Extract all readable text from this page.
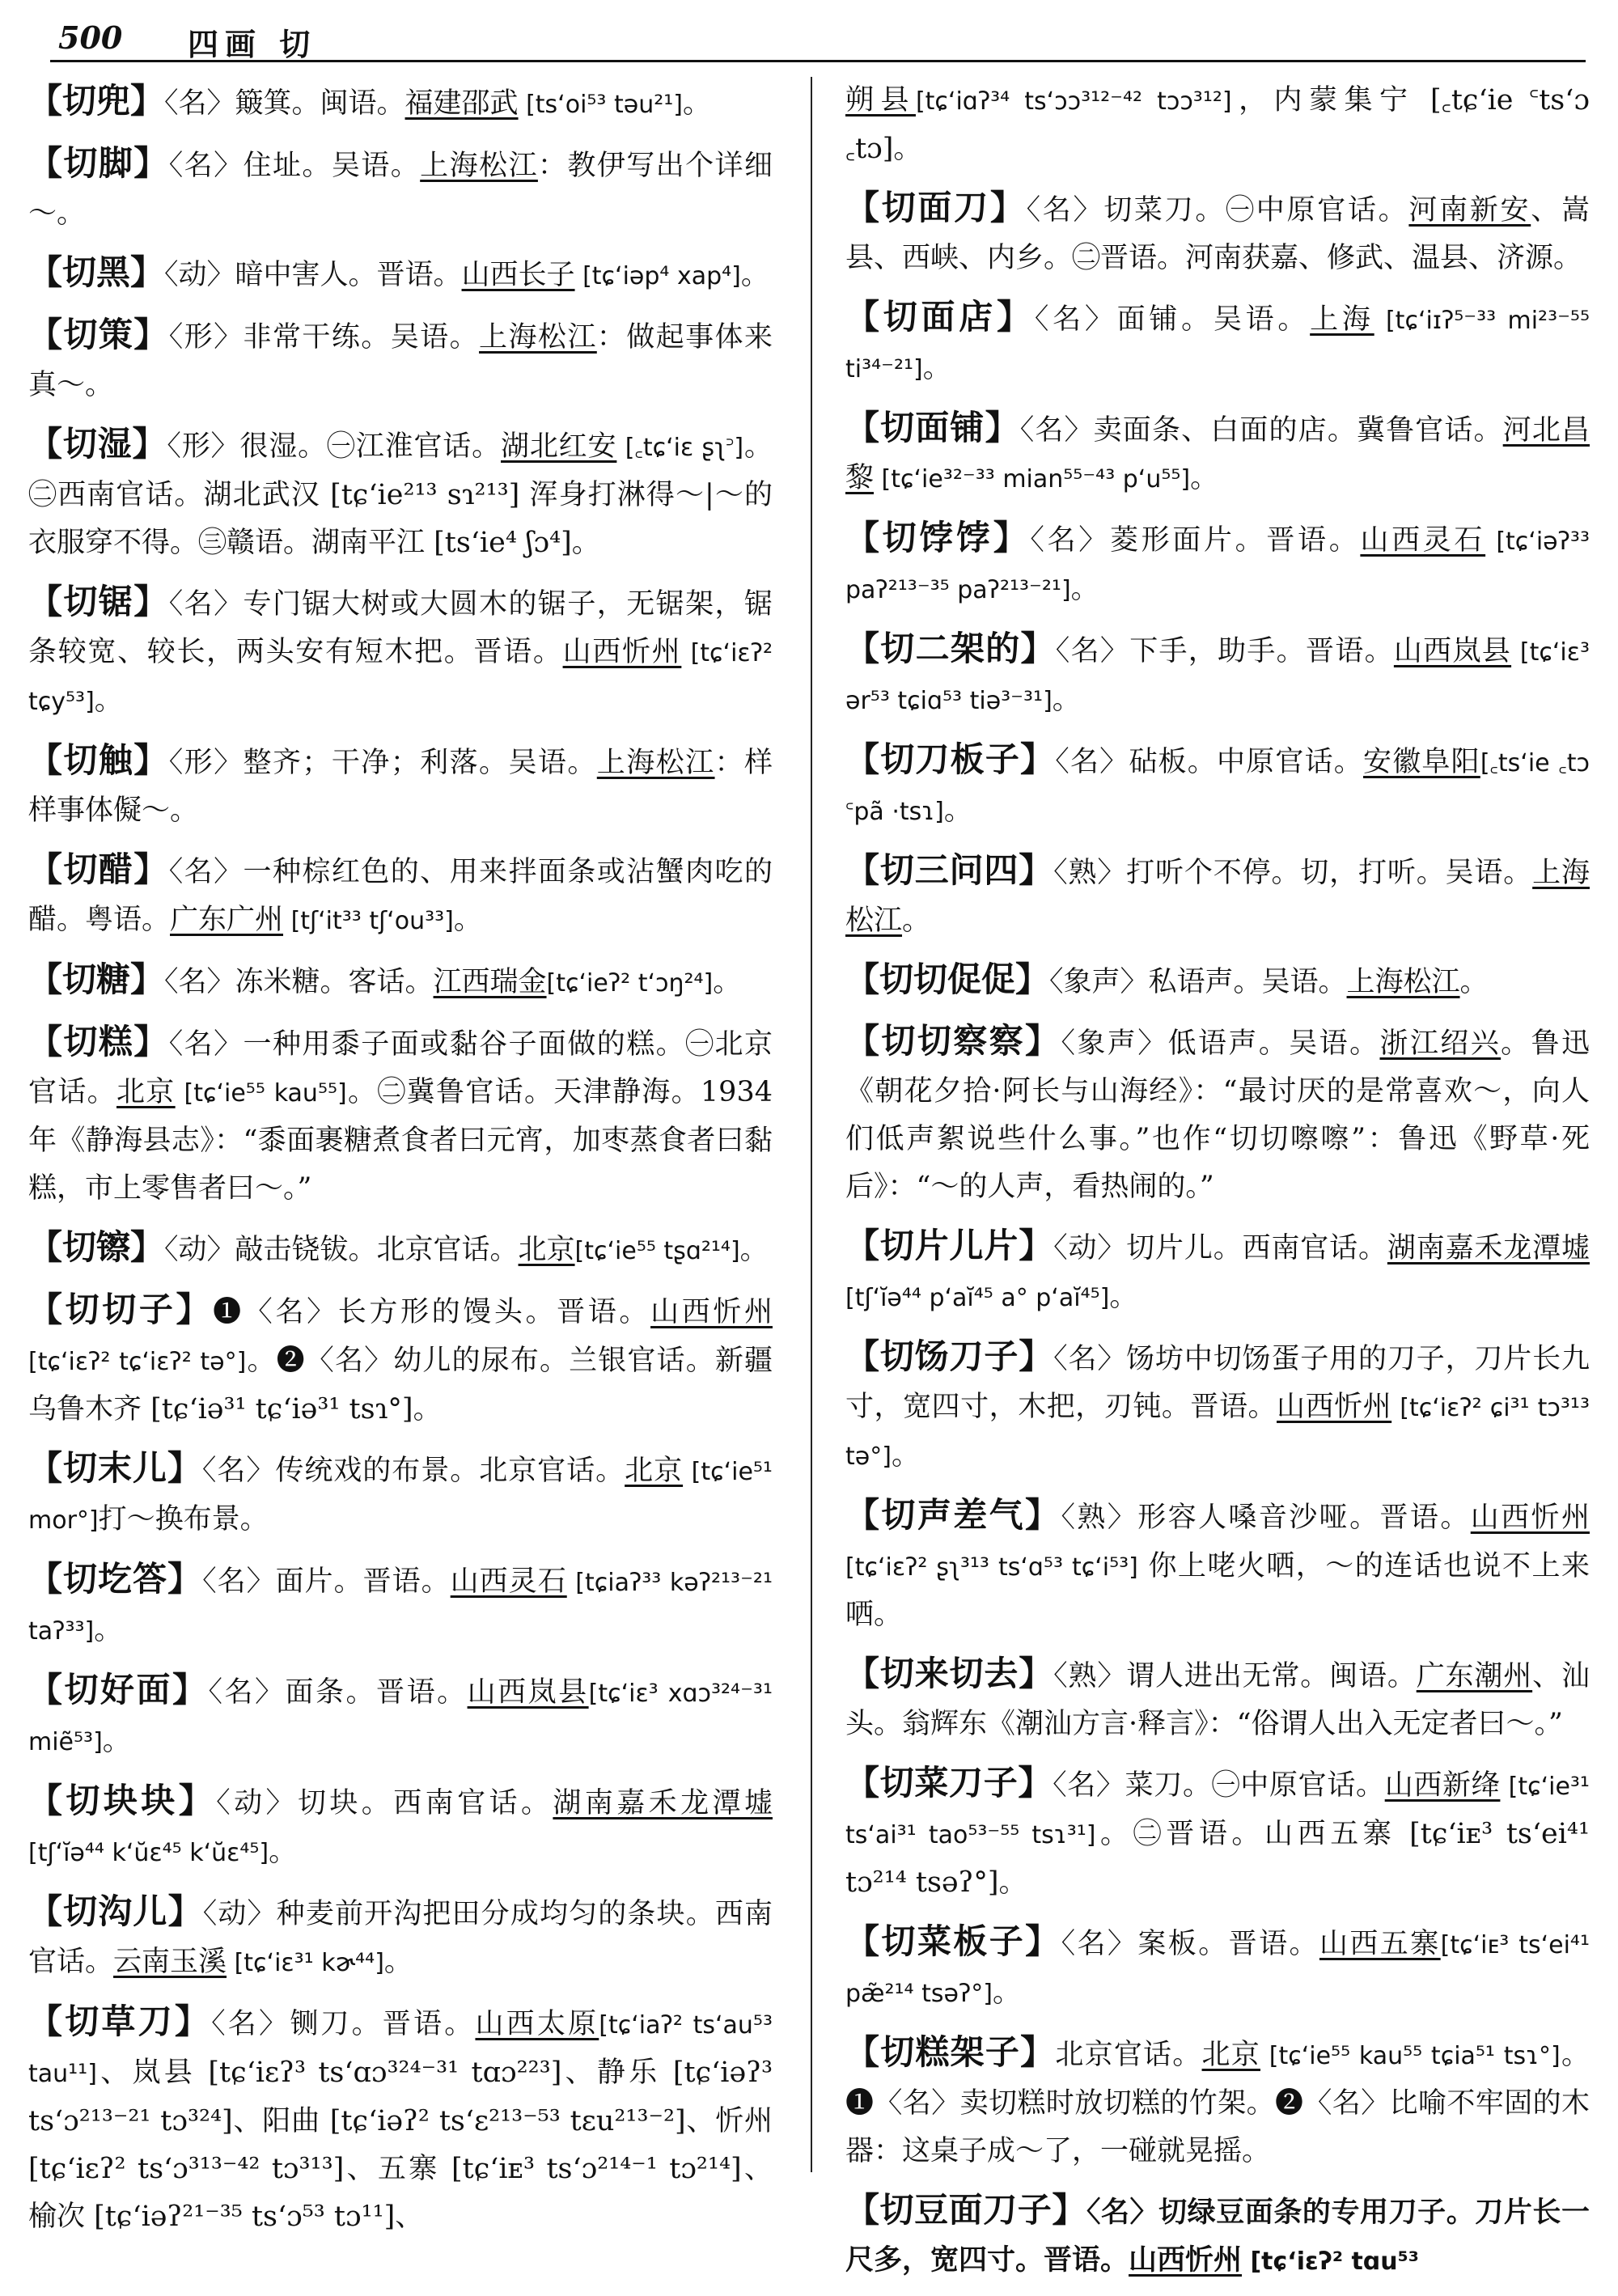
500 四画 切
【切兜】〈名〉簸箕。闽语。福建邵武 [tsʻoi⁵³ təu²¹]。
【切脚】〈名〉住址。吴语。上海松江：教伊写出个详细～。
【切黑】〈动〉暗中害人。晋语。山西长子 [tɕʻiəp⁴ xap⁴]。
【切策】〈形〉非常干练。吴语。上海松江：做起事体来真～。
【切湿】〈形〉很湿。㊀江淮官话。湖北红安 [꜀tɕʻiɛ ʂʅ꜄]。㊁西南官话。湖北武汉 [tɕʻie²¹³ sɿ²¹³] 浑身打淋得～|～的衣服穿不得。㊂赣语。湖南平江 [tsʻie⁴ ʃɔ⁴]。
【切锯】〈名〉专门锯大树或大圆木的锯子，无锯架，锯条较宽、较长，两头安有短木把。晋语。山西忻州 [tɕʻiɛʔ² tɕy⁵³]。
【切触】〈形〉整齐；干净；利落。吴语。上海松江：样样事体儗～。
【切醋】〈名〉一种棕红色的、用来拌面条或沾蟹肉吃的醋。粤语。广东广州 [tʃʻit³³ tʃʻou³³]。
【切糖】〈名〉冻米糖。客话。江西瑞金[tɕʻieʔ² tʻɔŋ²⁴]。
【切糕】〈名〉一种用黍子面或黏谷子面做的糕。㊀北京官话。北京 [tɕʻie⁵⁵ kau⁵⁵]。㊁冀鲁官话。天津静海。1934年《静海县志》：“黍面裹糖煮食者曰元宵，加枣蒸食者曰黏糕，市上零售者曰～。”
【切镲】〈动〉敲击铙钹。北京官话。北京[tɕʻie⁵⁵ tʂɑ²¹⁴]。
【切切子】❶〈名〉长方形的馒头。晋语。山西忻州 [tɕʻiɛʔ² tɕʻiɛʔ² tə°]。❷〈名〉幼儿的尿布。兰银官话。新疆乌鲁木齐 [tɕʻiə³¹ tɕʻiə³¹ tsɿ°]。
【切末儿】〈名〉传统戏的布景。北京官话。北京 [tɕʻie⁵¹ mor°]打～换布景。
【切圪答】〈名〉面片。晋语。山西灵石 [tɕiaʔ³³ kəʔ²¹³⁻²¹ taʔ³³]。
【切好面】〈名〉面条。晋语。山西岚县[tɕʻiɛ³ xɑɔ³²⁴⁻³¹ miẽ⁵³]。
【切块块】〈动〉切块。西南官话。湖南嘉禾龙潭墟 [tʃʻĭə⁴⁴ kʻŭɛ⁴⁵ kʻŭɛ⁴⁵]。
【切沟儿】〈动〉种麦前开沟把田分成均匀的条块。西南官话。云南玉溪 [tɕʻiɛ³¹ kɚ⁴⁴]。
【切草刀】〈名〉铡刀。晋语。山西太原[tɕʻiaʔ² tsʻau⁵³ tau¹¹]、岚县 [tɕʻiɛʔ³ tsʻɑɔ³²⁴⁻³¹ tɑɔ²²³]、静乐 [tɕʻiəʔ³ tsʻɔ²¹³⁻²¹ tɔ³²⁴]、阳曲 [tɕʻiəʔ² tsʻɛ²¹³⁻⁵³ tɛu²¹³⁻²]、忻州 [tɕʻiɛʔ² tsʻɔ³¹³⁻⁴² tɔ³¹³]、五寨 [tɕʻiᴇ³ tsʻɔ²¹⁴⁻¹ tɔ²¹⁴]、榆次 [tɕʻiəʔ²¹⁻³⁵ tsʻɔ⁵³ tɔ¹¹]、
朔县[tɕʻiɑʔ³⁴ tsʻɔɔ³¹²⁻⁴² tɔɔ³¹²]，内蒙集宁 [꜀tɕʻie ꜂tsʻɔ ꜀tɔ]。
【切面刀】〈名〉切菜刀。㊀中原官话。河南新安、嵩县、西峡、内乡。㊁晋语。河南获嘉、修武、温县、济源。
【切面店】〈名〉面铺。吴语。上海 [tɕʻiɪʔ⁵⁻³³ mi²³⁻⁵⁵ ti³⁴⁻²¹]。
【切面铺】〈名〉卖面条、白面的店。冀鲁官话。河北昌黎 [tɕʻie³²⁻³³ mian⁵⁵⁻⁴³ pʻu⁵⁵]。
【切饽饽】〈名〉菱形面片。晋语。山西灵石 [tɕʻiəʔ³³ paʔ²¹³⁻³⁵ paʔ²¹³⁻²¹]。
【切二架的】〈名〉下手，助手。晋语。山西岚县 [tɕʻiɛ³ ər⁵³ tɕiɑ⁵³ tiə³⁻³¹]。
【切刀板子】〈名〉砧板。中原官话。安徽阜阳[꜀tsʻie ꜀tɔ ꜂pã ·tsɿ]。
【切三问四】〈熟〉打听个不停。切，打听。吴语。上海松江。
【切切促促】〈象声〉私语声。吴语。上海松江。
【切切察察】〈象声〉低语声。吴语。浙江绍兴。鲁迅《朝花夕拾·阿长与山海经》：“最讨厌的是常喜欢～，向人们低声絮说些什么事。”也作“切切嚓嚓”：鲁迅《野草·死后》：“～的人声，看热闹的。”
【切片儿片】〈动〉切片儿。西南官话。湖南嘉禾龙潭墟 [tʃʻĭə⁴⁴ pʻaĭ⁴⁵ a° pʻaĭ⁴⁵]。
【切饧刀子】〈名〉饧坊中切饧蛋子用的刀子，刀片长九寸，宽四寸，木把，刃钝。晋语。山西忻州 [tɕʻiɛʔ² ɕi³¹ tɔ³¹³ tə°]。
【切声差气】〈熟〉形容人嗓音沙哑。晋语。山西忻州 [tɕʻiɛʔ² ʂʅ³¹³ tsʻɑ⁵³ tɕʻi⁵³] 你上咾火哂，～的连话也说不上来哂。
【切来切去】〈熟〉谓人进出无常。闽语。广东潮州、汕头。翁辉东《潮汕方言·释言》：“俗谓人出入无定者曰～。”
【切菜刀子】〈名〉菜刀。㊀中原官话。山西新绛 [tɕʻie³¹ tsʻai³¹ tao⁵³⁻⁵⁵ tsɿ³¹]。㊁晋语。山西五寨 [tɕʻiᴇ³ tsʻei⁴¹ tɔ²¹⁴ tsəʔ°]。
【切菜板子】〈名〉案板。晋语。山西五寨[tɕʻiᴇ³ tsʻei⁴¹ pæ̃²¹⁴ tsəʔ°]。
【切糕架子】北京官话。北京 [tɕʻie⁵⁵ kau⁵⁵ tɕia⁵¹ tsɿ°]。❶〈名〉卖切糕时放切糕的竹架。❷〈名〉比喻不牢固的木器：这桌子成～了，一碰就晃摇。
【切豆面刀子】〈名〉切绿豆面条的专用刀子。刀片长一尺多，宽四寸。晋语。山西忻州 [tɕʻiɛʔ² tɑu⁵³
